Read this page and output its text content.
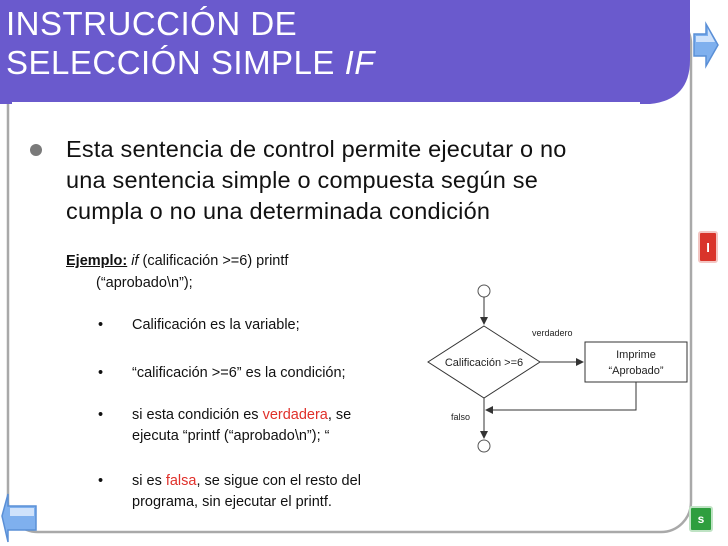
INSTRUCCIÓN DE
SELECCIÓN SIMPLE IF
Esta sentencia de control permite ejecutar o no
una sentencia simple o compuesta según se
cumpla o no una determinada condición
Ejemplo: if (calificación >=6) printf
(“aprobado\n”);
• Calificación es la variable;
• “calificación >=6” es la condición;
• si esta condición es verdadera, se
ejecuta “printf (“aprobado\n”); “
• si es falsa, se sigue con el resto del
programa, sin ejecutar el printf.
Calificación >=6
verdadero
Imprime
“Aprobado”
falso
I
s
